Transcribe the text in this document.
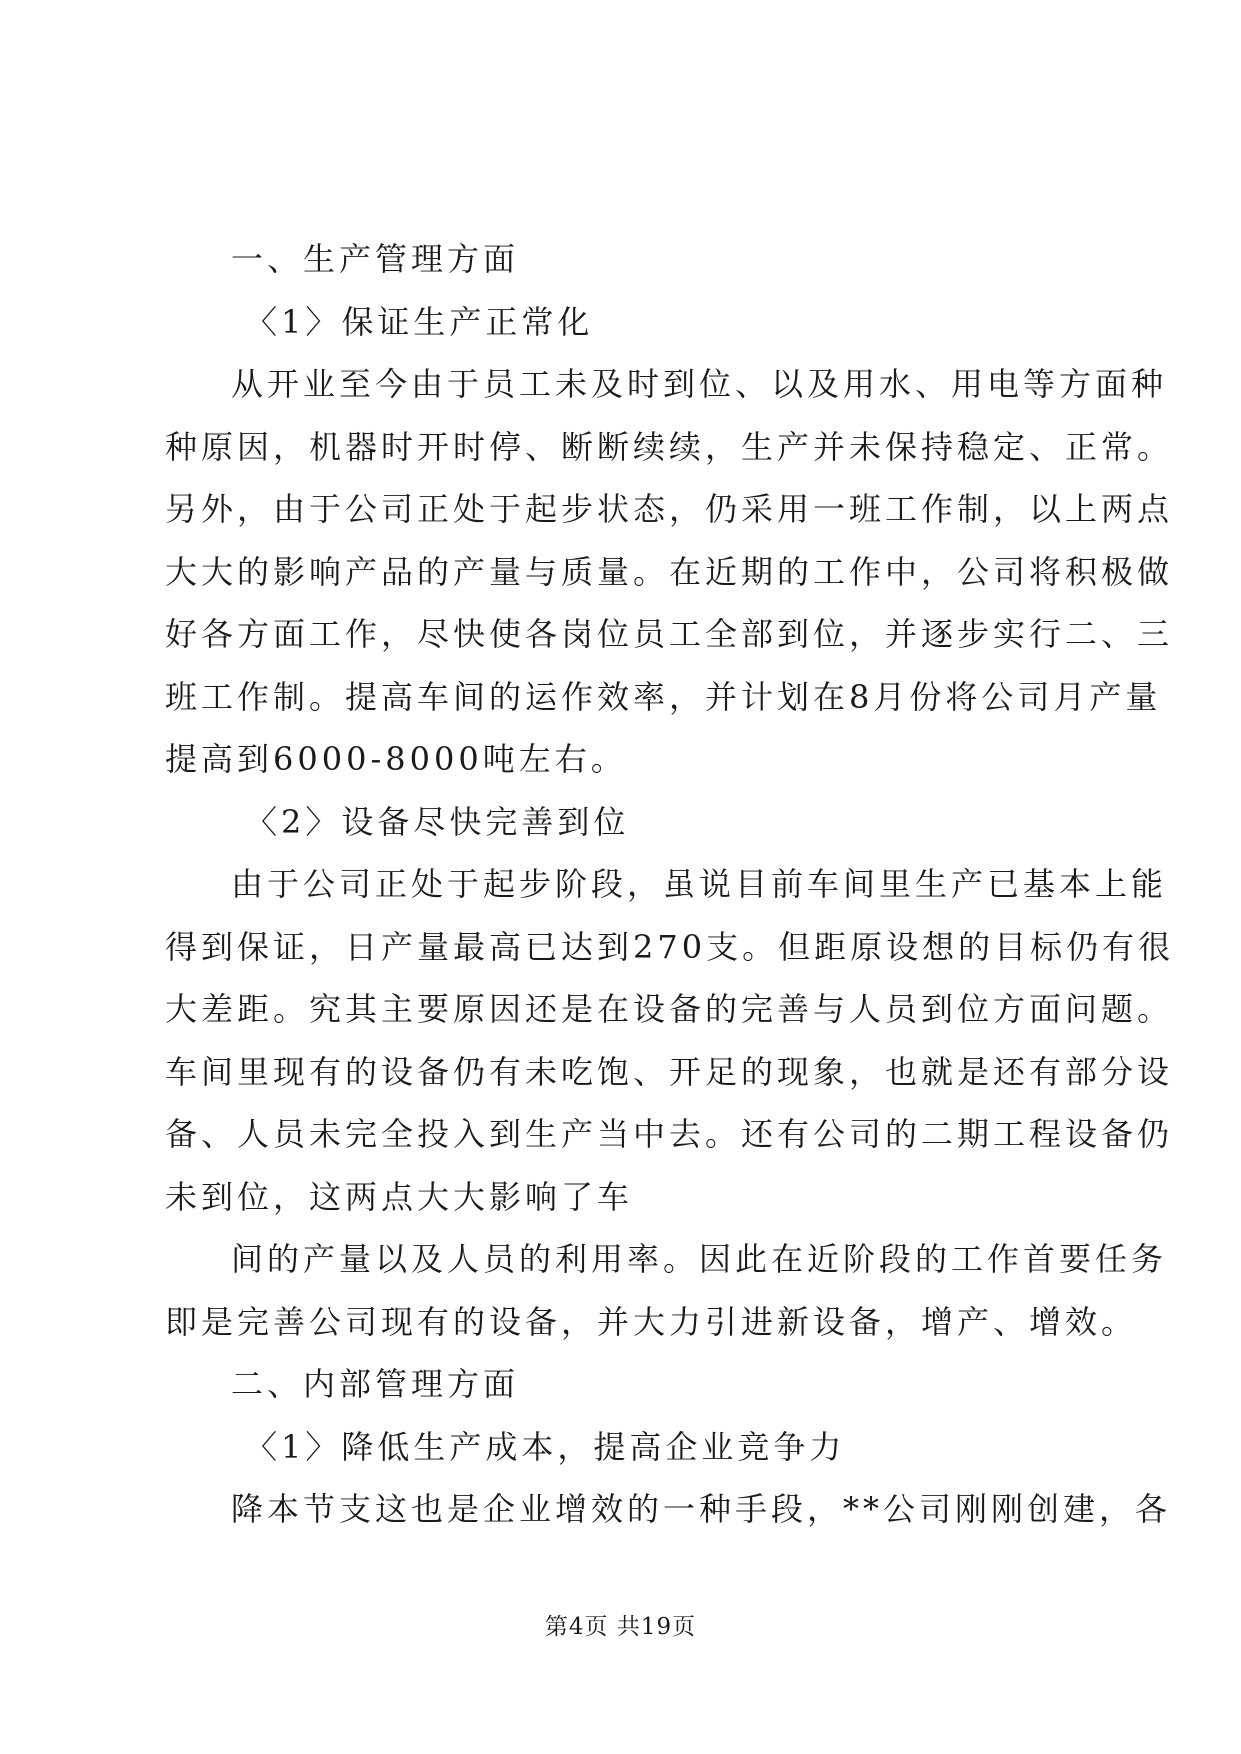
一、生产管理方面
〈1〉保证生产正常化
从开业至今由于员工未及时到位、以及用水、用电等方面种
种原因，机器时开时停、断断续续，生产并未保持稳定、正常。
另外，由于公司正处于起步状态，仍采用一班工作制，以上两点
大大的影响产品的产量与质量。在近期的工作中，公司将积极做
好各方面工作，尽快使各岗位员工全部到位，并逐步实行二、三
班工作制。提高车间的运作效率，并计划在8月份将公司月产量
提高到6000-8000吨左右。
〈2〉设备尽快完善到位
由于公司正处于起步阶段，虽说目前车间里生产已基本上能
得到保证，日产量最高已达到270支。但距原设想的目标仍有很
大差距。究其主要原因还是在设备的完善与人员到位方面问题。
车间里现有的设备仍有未吃饱、开足的现象，也就是还有部分设
备、人员未完全投入到生产当中去。还有公司的二期工程设备仍
未到位，这两点大大影响了车
间的产量以及人员的利用率。因此在近阶段的工作首要任务
即是完善公司现有的设备，并大力引进新设备，增产、增效。
二、内部管理方面
〈1〉降低生产成本，提高企业竞争力
降本节支这也是企业增效的一种手段，**公司刚刚创建，各
第4页 共19页
